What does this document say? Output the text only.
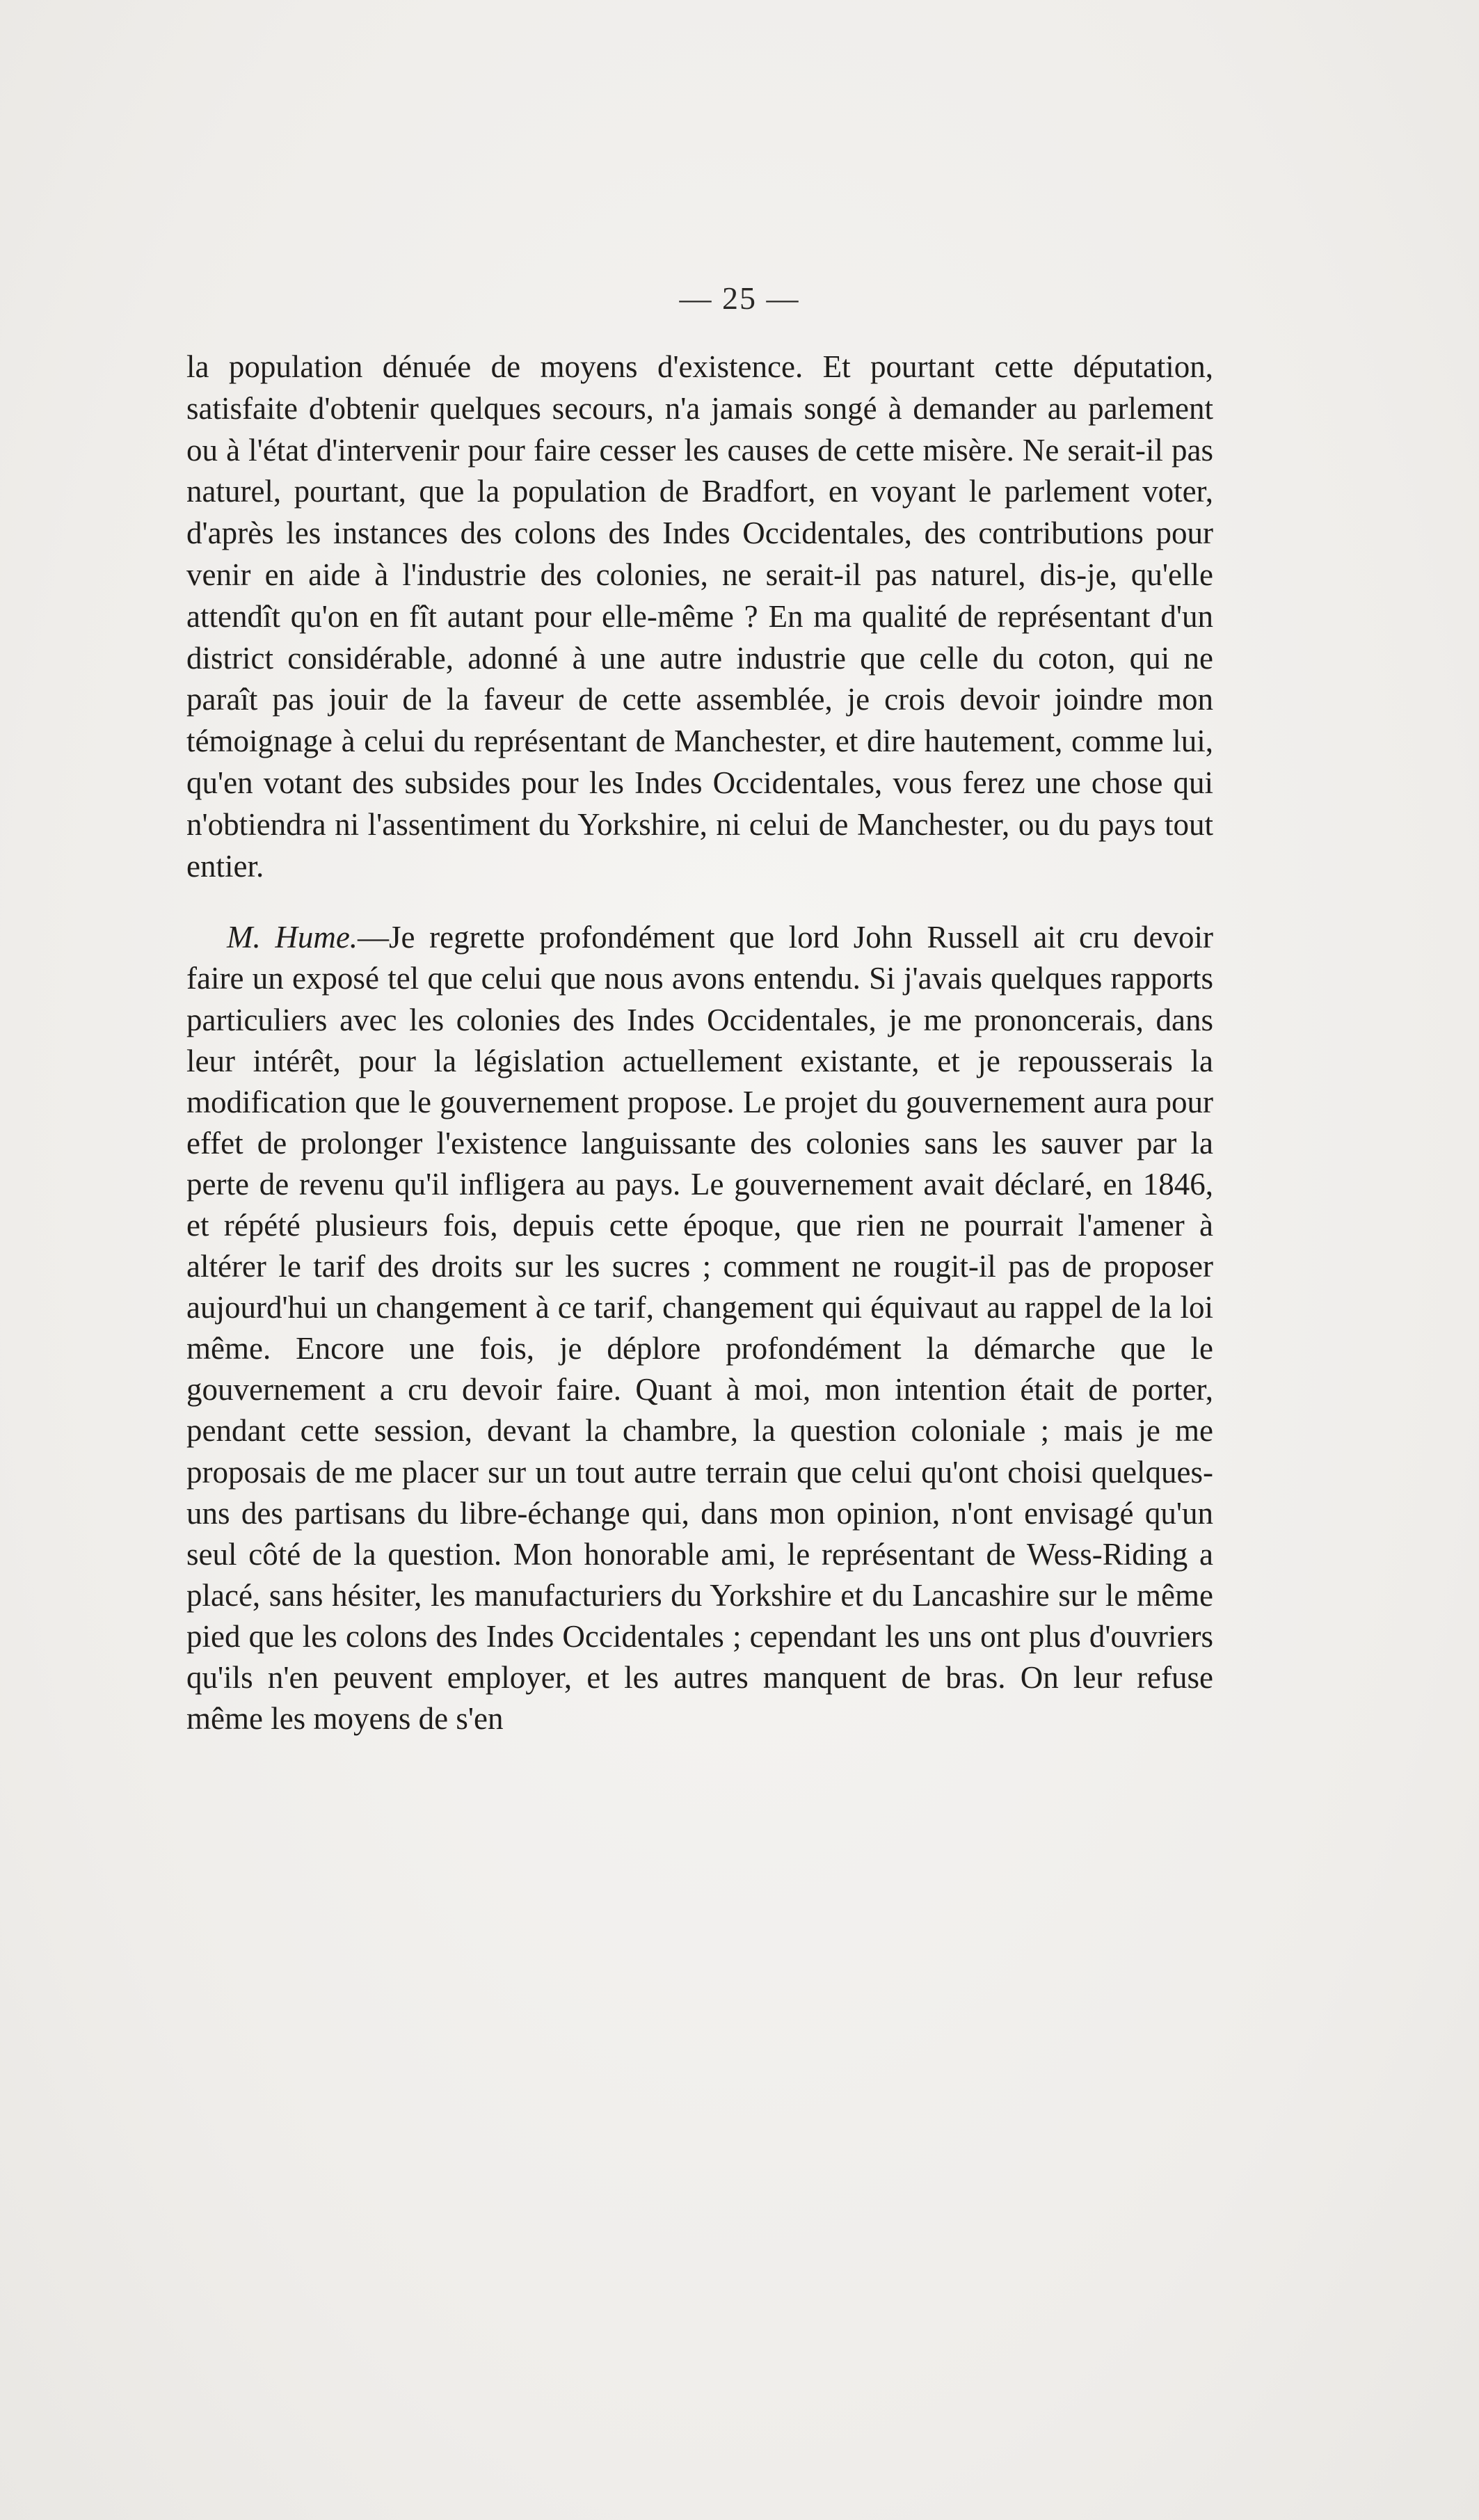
— 25 —

la population dénuée de moyens d'existence. Et pourtant cette députation, satisfaite d'obtenir quelques secours, n'a jamais songé à demander au parlement ou à l'état d'intervenir pour faire cesser les causes de cette misère. Ne serait-il pas naturel, pourtant, que la population de Bradfort, en voyant le parlement voter, d'après les instances des colons des Indes Occidentales, des contributions pour venir en aide à l'industrie des colonies, ne serait-il pas naturel, dis-je, qu'elle attendît qu'on en fît autant pour elle-même ? En ma qualité de représentant d'un district considérable, adonné à une autre industrie que celle du coton, qui ne paraît pas jouir de la faveur de cette assemblée, je crois devoir joindre mon témoignage à celui du représentant de Manchester, et dire hautement, comme lui, qu'en votant des subsides pour les Indes Occidentales, vous ferez une chose qui n'obtiendra ni l'assentiment du Yorkshire, ni celui de Manchester, ou du pays tout entier.

M. Hume.—Je regrette profondément que lord John Russell ait cru devoir faire un exposé tel que celui que nous avons entendu. Si j'avais quelques rapports particuliers avec les colonies des Indes Occidentales, je me prononcerais, dans leur intérêt, pour la législation actuellement existante, et je repousserais la modification que le gouvernement propose. Le projet du gouvernement aura pour effet de prolonger l'existence languissante des colonies sans les sauver par la perte de revenu qu'il infligera au pays. Le gouvernement avait déclaré, en 1846, et répété plusieurs fois, depuis cette époque, que rien ne pourrait l'amener à altérer le tarif des droits sur les sucres ; comment ne rougit-il pas de proposer aujourd'hui un changement à ce tarif, changement qui équivaut au rappel de la loi même. Encore une fois, je déplore profondément la démarche que le gouvernement a cru devoir faire. Quant à moi, mon intention était de porter, pendant cette session, devant la chambre, la question coloniale ; mais je me proposais de me placer sur un tout autre terrain que celui qu'ont choisi quelques-uns des partisans du libre-échange qui, dans mon opinion, n'ont envisagé qu'un seul côté de la question. Mon honorable ami, le représentant de Wess-Riding a placé, sans hésiter, les manufacturiers du Yorkshire et du Lancashire sur le même pied que les colons des Indes Occidentales ; cependant les uns ont plus d'ouvriers qu'ils n'en peuvent employer, et les autres manquent de bras. On leur refuse même les moyens de s'en
